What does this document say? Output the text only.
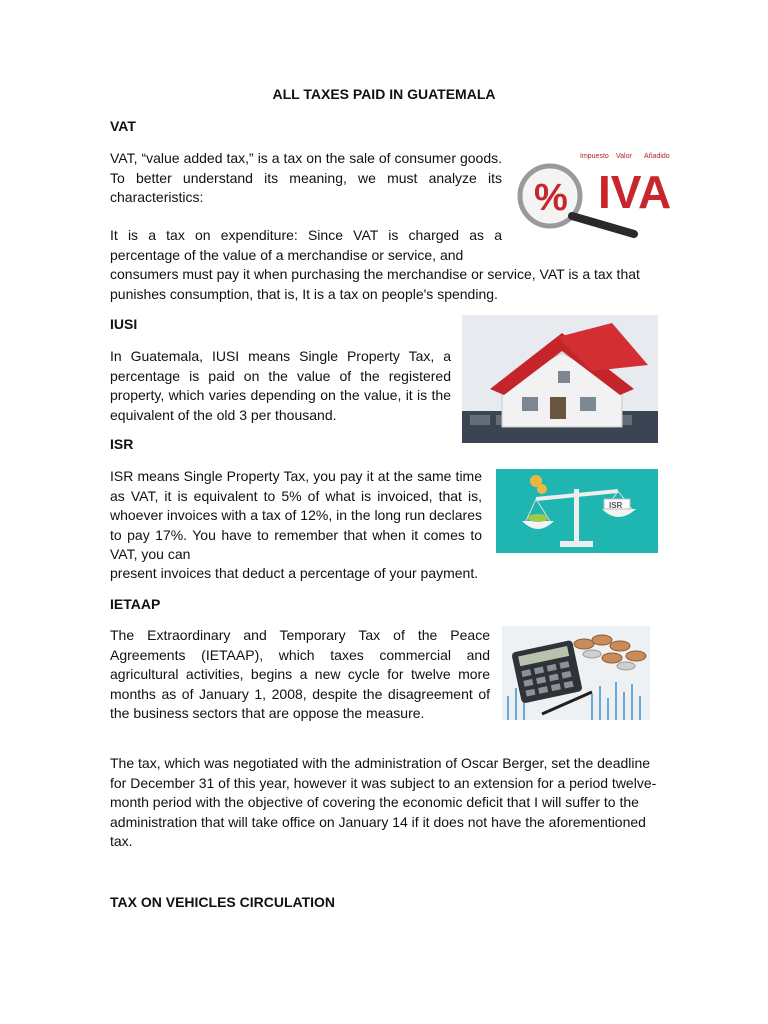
ALL TAXES PAID IN GUATEMALA
VAT

VAT, “value added tax,” is a tax on the sale of consumer goods. To better understand its meaning, we must analyze its characteristics:

It is a tax on expenditure: Since VAT is charged as a percentage of the value of a merchandise or service, and

consumers must pay it when purchasing the merchandise or service, VAT is a tax that punishes consumption, that is, It is a tax on people's spending.

Impuesto Valor Añadido
IVA
%
IUSI

In Guatemala, IUSI means Single Property Tax, a percentage is paid on the value of the registered property, which varies depending on the value, it is the equivalent of the old 3 per thousand.

ISR

ISR means Single Property Tax, you pay it at the same time as VAT, it is equivalent to 5% of what is invoiced, that is, whoever invoices with a tax of 12%, in the long run declares to pay 17%. You have to remember that when it comes to VAT, you can

present invoices that deduct a percentage of your payment.

ISR
IETAAP

The Extraordinary and Temporary Tax of the Peace Agreements (IETAAP), which taxes commercial and agricultural activities, begins a new cycle for twelve more months as of January 1, 2008, despite the disagreement of the business sectors that are oppose the measure.

The tax, which was negotiated with the administration of Oscar Berger, set the deadline for December 31 of this year, however it was subject to an extension for a period twelve-month period with the objective of covering the economic deficit that I will suffer to the administration that will take office on January 14 if it does not have the aforementioned tax.

TAX ON VEHICLES CIRCULATION
